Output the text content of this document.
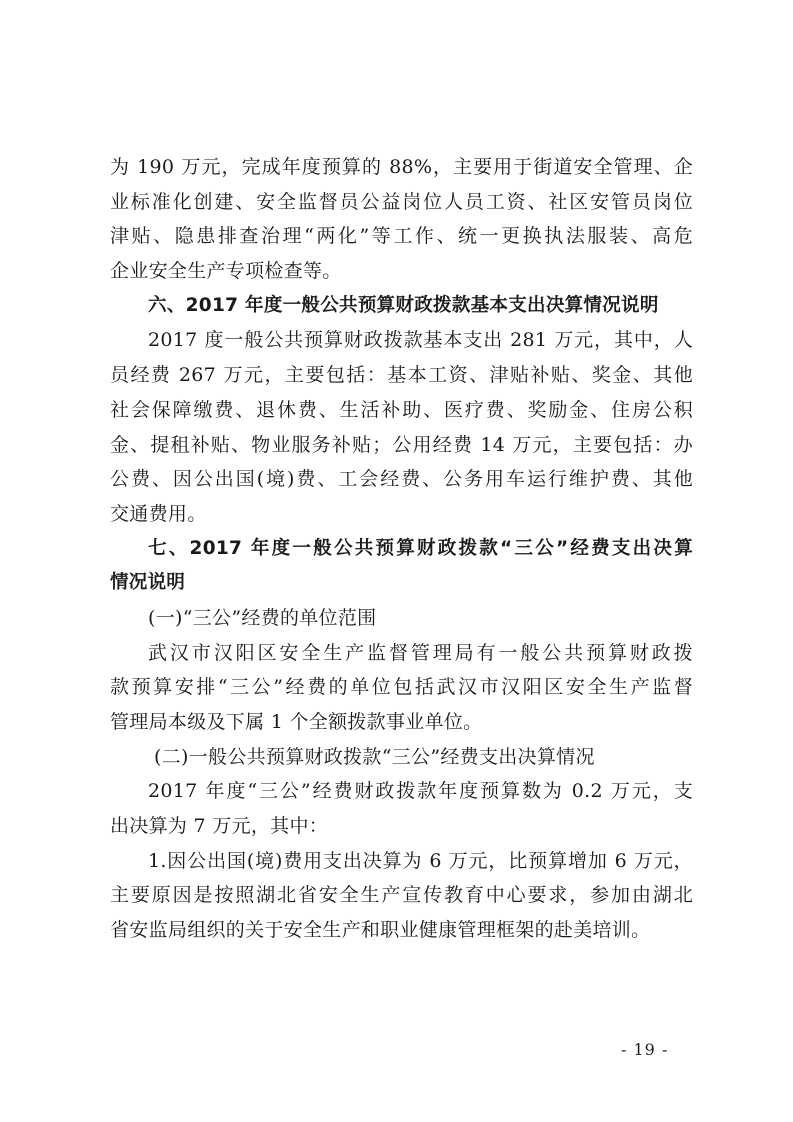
为 190 万元，完成年度预算的 88%，主要用于街道安全管理、企
业标准化创建、安全监督员公益岗位人员工资、社区安管员岗位
津贴、隐患排查治理“两化”等工作、统一更换执法服装、高危
企业安全生产专项检查等。
六、2017 年度一般公共预算财政拨款基本支出决算情况说明
2017 度一般公共预算财政拨款基本支出 281 万元，其中，人
员经费 267 万元，主要包括：基本工资、津贴补贴、奖金、其他
社会保障缴费、退休费、生活补助、医疗费、奖励金、住房公积
金、提租补贴、物业服务补贴；公用经费 14 万元，主要包括：办
公费、因公出国(境)费、工会经费、公务用车运行维护费、其他
交通费用。
七、2017 年度一般公共预算财政拨款“三公”经费支出决算
情况说明
(一)“三公”经费的单位范围
武汉市汉阳区安全生产监督管理局有一般公共预算财政拨
款预算安排“三公”经费的单位包括武汉市汉阳区安全生产监督
管理局本级及下属 1 个全额拨款事业单位。
(二)一般公共预算财政拨款“三公”经费支出决算情况
2017 年度“三公”经费财政拨款年度预算数为 0.2 万元，支
出决算为 7 万元，其中：
1.因公出国(境)费用支出决算为 6 万元，比预算增加 6 万元，
主要原因是按照湖北省安全生产宣传教育中心要求，参加由湖北
省安监局组织的关于安全生产和职业健康管理框架的赴美培训。
- 19 -
